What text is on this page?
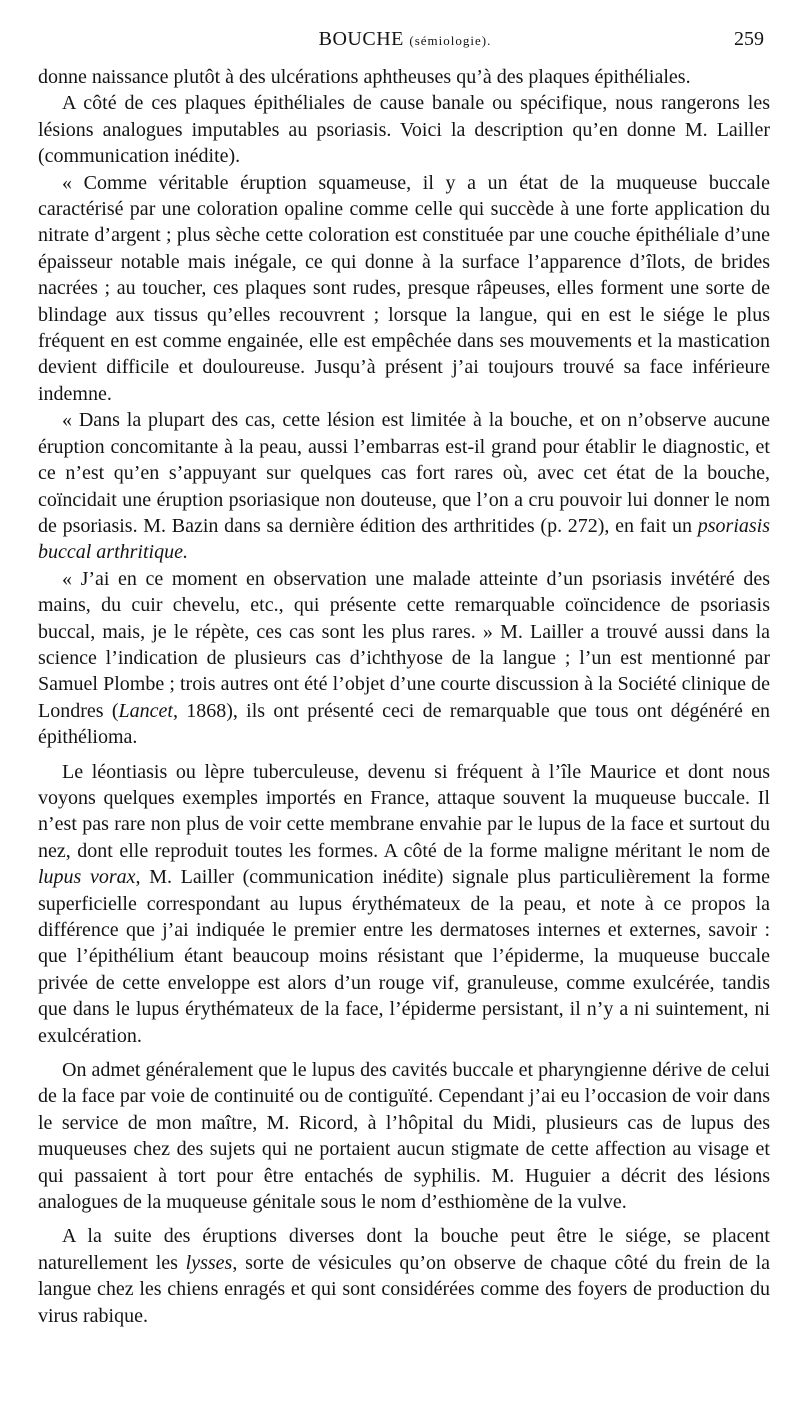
BOUCHE (sémiologie).	259

donne naissance plutôt à des ulcérations aphtheuses qu’à des plaques épithéliales.

A côté de ces plaques épithéliales de cause banale ou spécifique, nous rangerons les lésions analogues imputables au psoriasis. Voici la description qu’en donne M. Lailler (communication inédite).

« Comme véritable éruption squameuse, il y a un état de la muqueuse buccale caractérisé par une coloration opaline comme celle qui succède à une forte application du nitrate d’argent ; plus sèche cette coloration est constituée par une couche épithéliale d’une épaisseur notable mais inégale, ce qui donne à la surface l’apparence d’îlots, de brides nacrées ; au toucher, ces plaques sont rudes, presque râpeuses, elles forment une sorte de blindage aux tissus qu’elles recouvrent ; lorsque la langue, qui en est le siége le plus fréquent en est comme engainée, elle est empêchée dans ses mouvements et la mastication devient difficile et douloureuse. Jusqu’à présent j’ai toujours trouvé sa face inférieure indemne.

« Dans la plupart des cas, cette lésion est limitée à la bouche, et on n’observe aucune éruption concomitante à la peau, aussi l’embarras est-il grand pour établir le diagnostic, et ce n’est qu’en s’appuyant sur quelques cas fort rares où, avec cet état de la bouche, coïncidait une éruption psoriasique non douteuse, que l’on a cru pouvoir lui donner le nom de psoriasis. M. Bazin dans sa dernière édition des arthritides (p. 272), en fait un psoriasis buccal arthritique.

« J’ai en ce moment en observation une malade atteinte d’un psoriasis invétéré des mains, du cuir chevelu, etc., qui présente cette remarquable coïncidence de psoriasis buccal, mais, je le répète, ces cas sont les plus rares. » M. Lailler a trouvé aussi dans la science l’indication de plusieurs cas d’ichthyose de la langue ; l’un est mentionné par Samuel Plombe ; trois autres ont été l’objet d’une courte discussion à la Société clinique de Londres (Lancet, 1868), ils ont présenté ceci de remarquable que tous ont dégénéré en épithélioma.

Le léontiasis ou lèpre tuberculeuse, devenu si fréquent à l’île Maurice et dont nous voyons quelques exemples importés en France, attaque souvent la muqueuse buccale. Il n’est pas rare non plus de voir cette membrane envahie par le lupus de la face et surtout du nez, dont elle reproduit toutes les formes. A côté de la forme maligne méritant le nom de lupus vorax, M. Lailler (communication inédite) signale plus particulièrement la forme superficielle correspondant au lupus érythémateux de la peau, et note à ce propos la différence que j’ai indiquée le premier entre les dermatoses internes et externes, savoir : que l’épithélium étant beaucoup moins résistant que l’épiderme, la muqueuse buccale privée de cette enveloppe est alors d’un rouge vif, granuleuse, comme exulcérée, tandis que dans le lupus érythémateux de la face, l’épiderme persistant, il n’y a ni suintement, ni exulcération.

On admet généralement que le lupus des cavités buccale et pharyngienne dérive de celui de la face par voie de continuité ou de contiguïté. Cependant j’ai eu l’occasion de voir dans le service de mon maître, M. Ricord, à l’hôpital du Midi, plusieurs cas de lupus des muqueuses chez des sujets qui ne portaient aucun stigmate de cette affection au visage et qui passaient à tort pour être entachés de syphilis. M. Huguier a décrit des lésions analogues de la muqueuse génitale sous le nom d’esthiomène de la vulve.

A la suite des éruptions diverses dont la bouche peut être le siége, se placent naturellement les lysses, sorte de vésicules qu’on observe de chaque côté du frein de la langue chez les chiens enragés et qui sont considérées comme des foyers de production du virus rabique.
